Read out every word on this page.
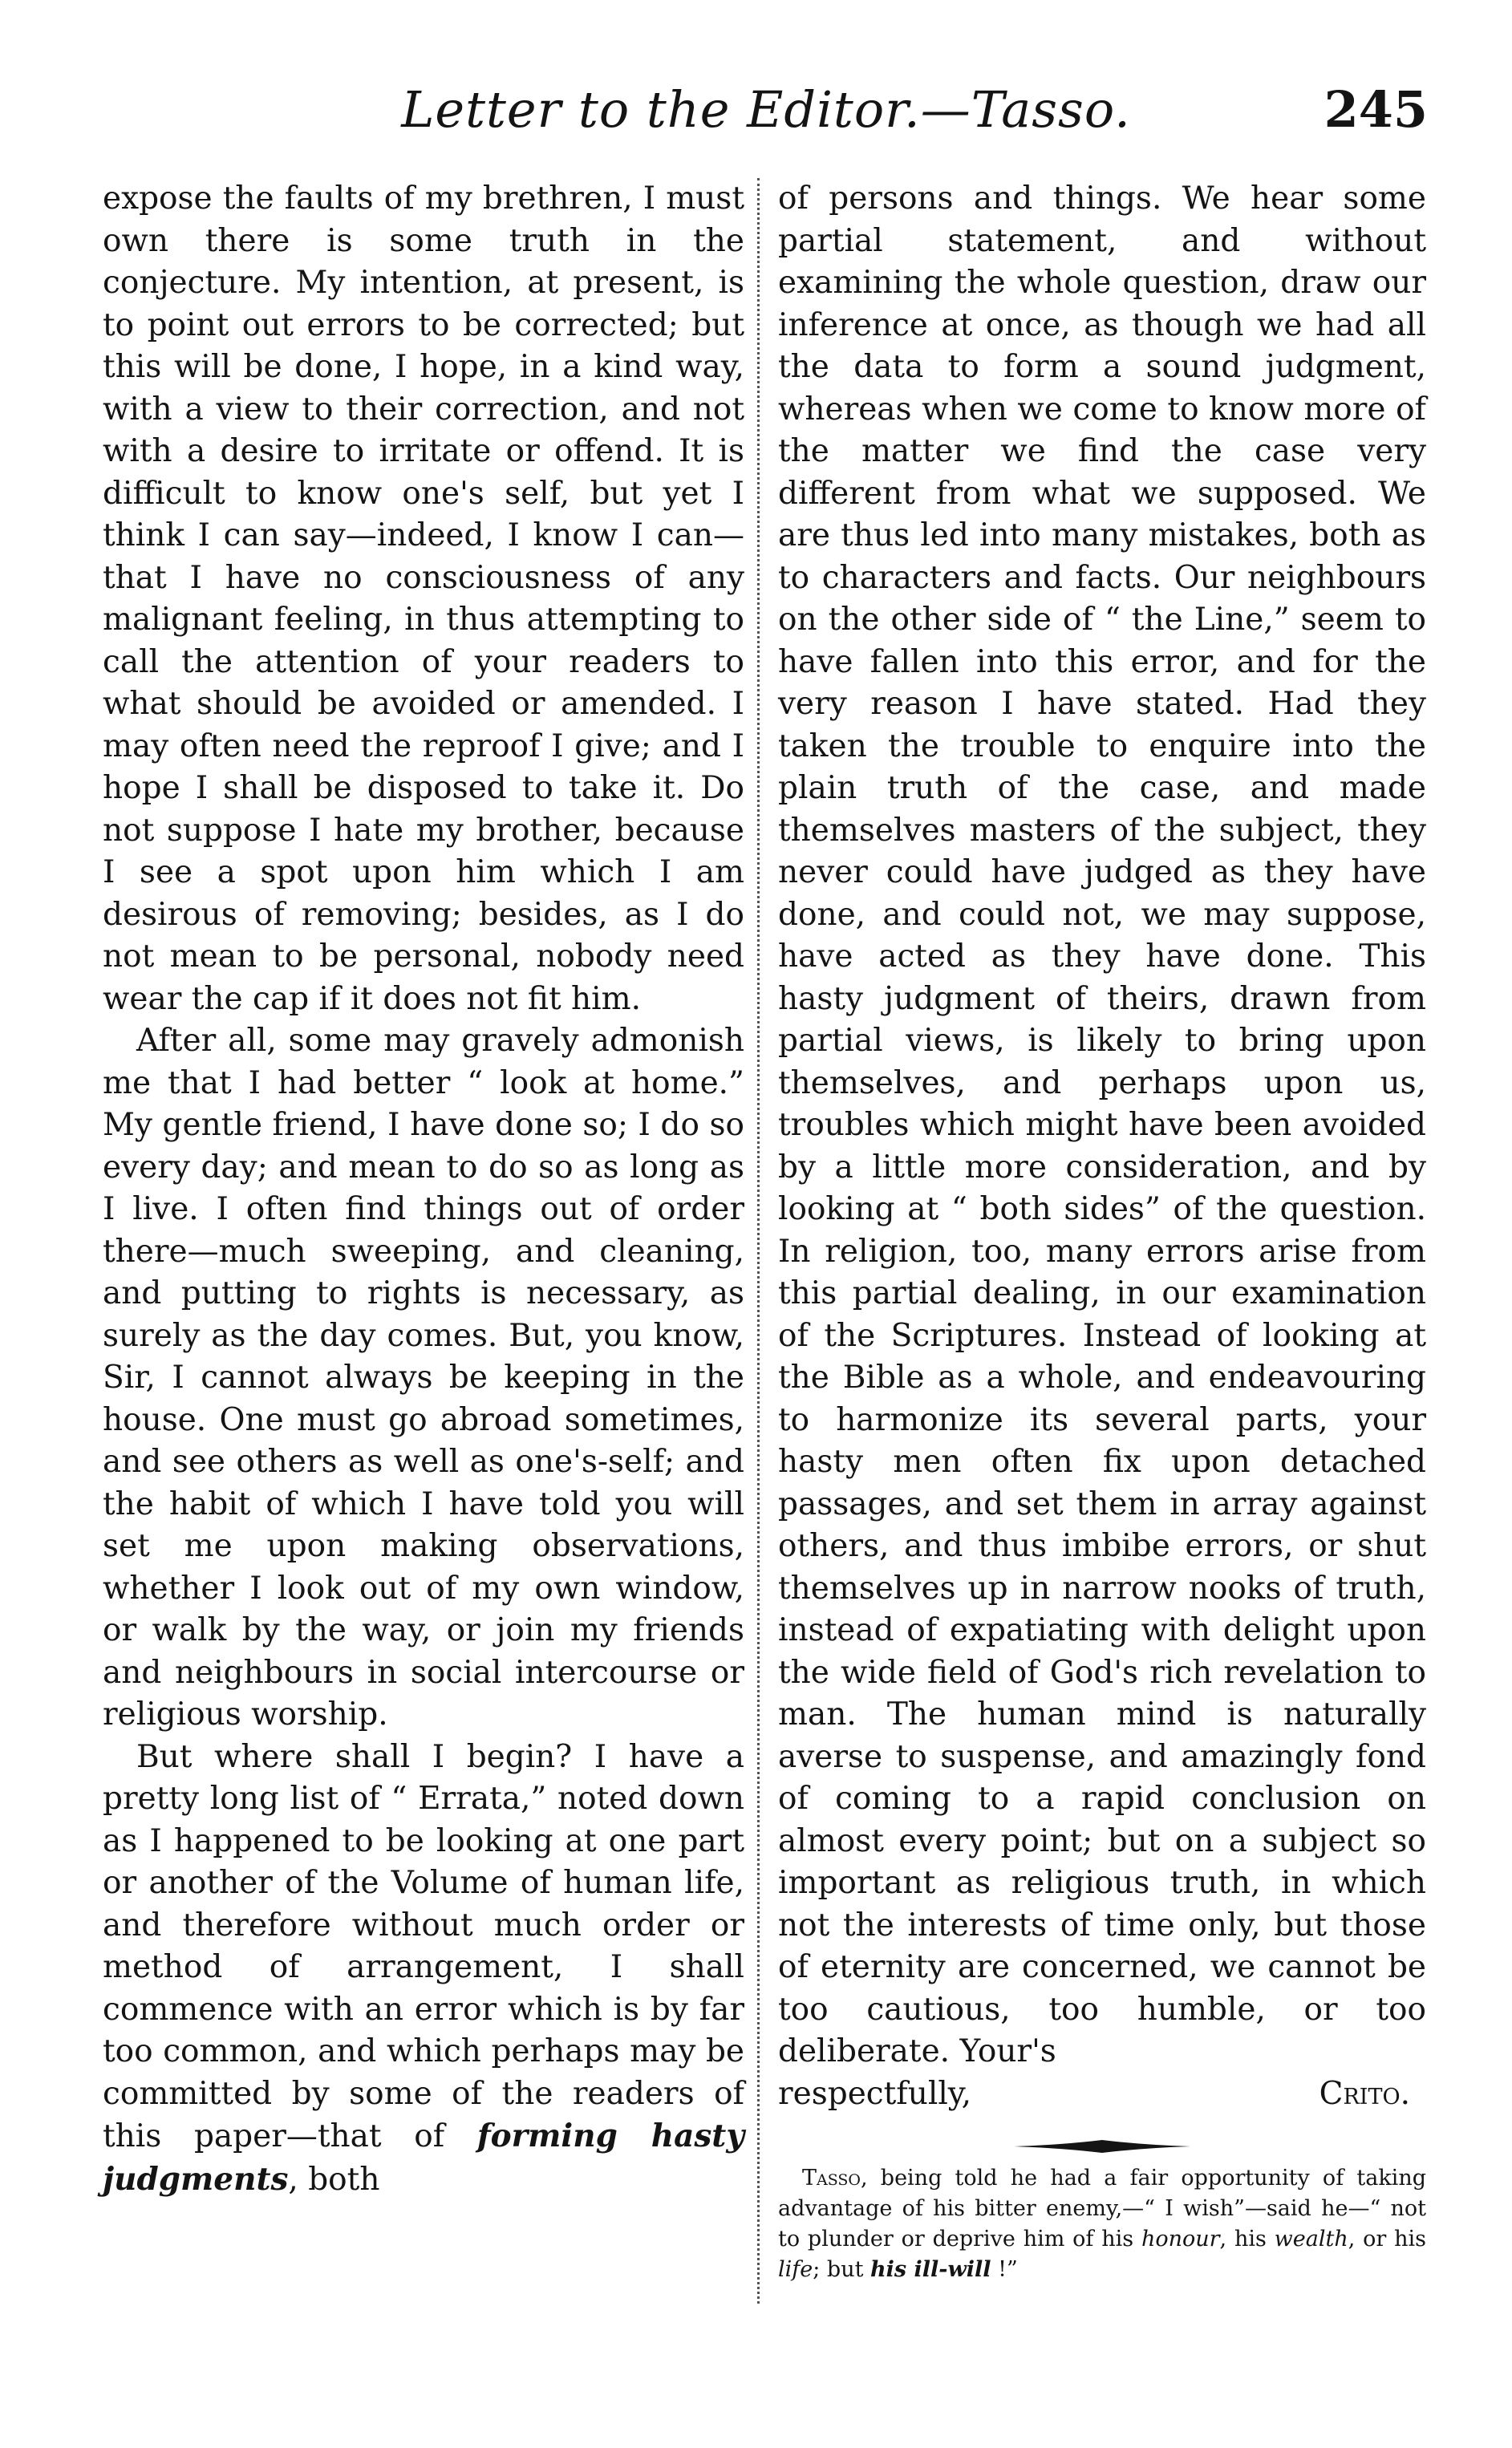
Letter to the Editor.—Tasso.	245

expose the faults of my brethren, I must own there is some truth in the conjecture. My intention, at present, is to point out errors to be corrected; but this will be done, I hope, in a kind way, with a view to their correction, and not with a desire to irritate or offend. It is difficult to know one's self, but yet I think I can say—indeed, I know I can—that I have no consciousness of any malignant feeling, in thus attempting to call the attention of your readers to what should be avoided or amended. I may often need the reproof I give; and I hope I shall be disposed to take it. Do not suppose I hate my brother, because I see a spot upon him which I am desirous of removing; besides, as I do not mean to be personal, nobody need wear the cap if it does not fit him.

After all, some may gravely admonish me that I had better “ look at home.” My gentle friend, I have done so; I do so every day; and mean to do so as long as I live. I often find things out of order there—much sweeping, and cleaning, and putting to rights is necessary, as surely as the day comes. But, you know, Sir, I cannot always be keeping in the house. One must go abroad sometimes, and see others as well as one's-self; and the habit of which I have told you will set me upon making observations, whether I look out of my own window, or walk by the way, or join my friends and neighbours in social intercourse or religious worship.

But where shall I begin? I have a pretty long list of “ Errata,” noted down as I happened to be looking at one part or another of the Volume of human life, and therefore without much order or method of arrangement, I shall commence with an error which is by far too common, and which perhaps may be committed by some of the readers of this paper—that of forming hasty judgments, both

of persons and things. We hear some partial statement, and without examining the whole question, draw our inference at once, as though we had all the data to form a sound judgment, whereas when we come to know more of the matter we find the case very different from what we supposed. We are thus led into many mistakes, both as to characters and facts. Our neighbours on the other side of “ the Line,” seem to have fallen into this error, and for the very reason I have stated. Had they taken the trouble to enquire into the plain truth of the case, and made themselves masters of the subject, they never could have judged as they have done, and could not, we may suppose, have acted as they have done. This hasty judgment of theirs, drawn from partial views, is likely to bring upon themselves, and perhaps upon us, troubles which might have been avoided by a little more consideration, and by looking at “ both sides” of the question. In religion, too, many errors arise from this partial dealing, in our examination of the Scriptures. Instead of looking at the Bible as a whole, and endeavouring to harmonize its several parts, your hasty men often fix upon detached passages, and set them in array against others, and thus imbibe errors, or shut themselves up in narrow nooks of truth, instead of expatiating with delight upon the wide field of God's rich revelation to man. The human mind is naturally averse to suspense, and amazingly fond of coming to a rapid conclusion on almost every point; but on a subject so important as religious truth, in which not the interests of time only, but those of eternity are concerned, we cannot be too cautious, too humble, or too deliberate. Your's

respectfully,	Crito.

Tasso, being told he had a fair opportunity of taking advantage of his bitter enemy,—“ I wish”—said he—“ not to plunder or deprive him of his honour, his wealth, or his life; but his ill-will !”
